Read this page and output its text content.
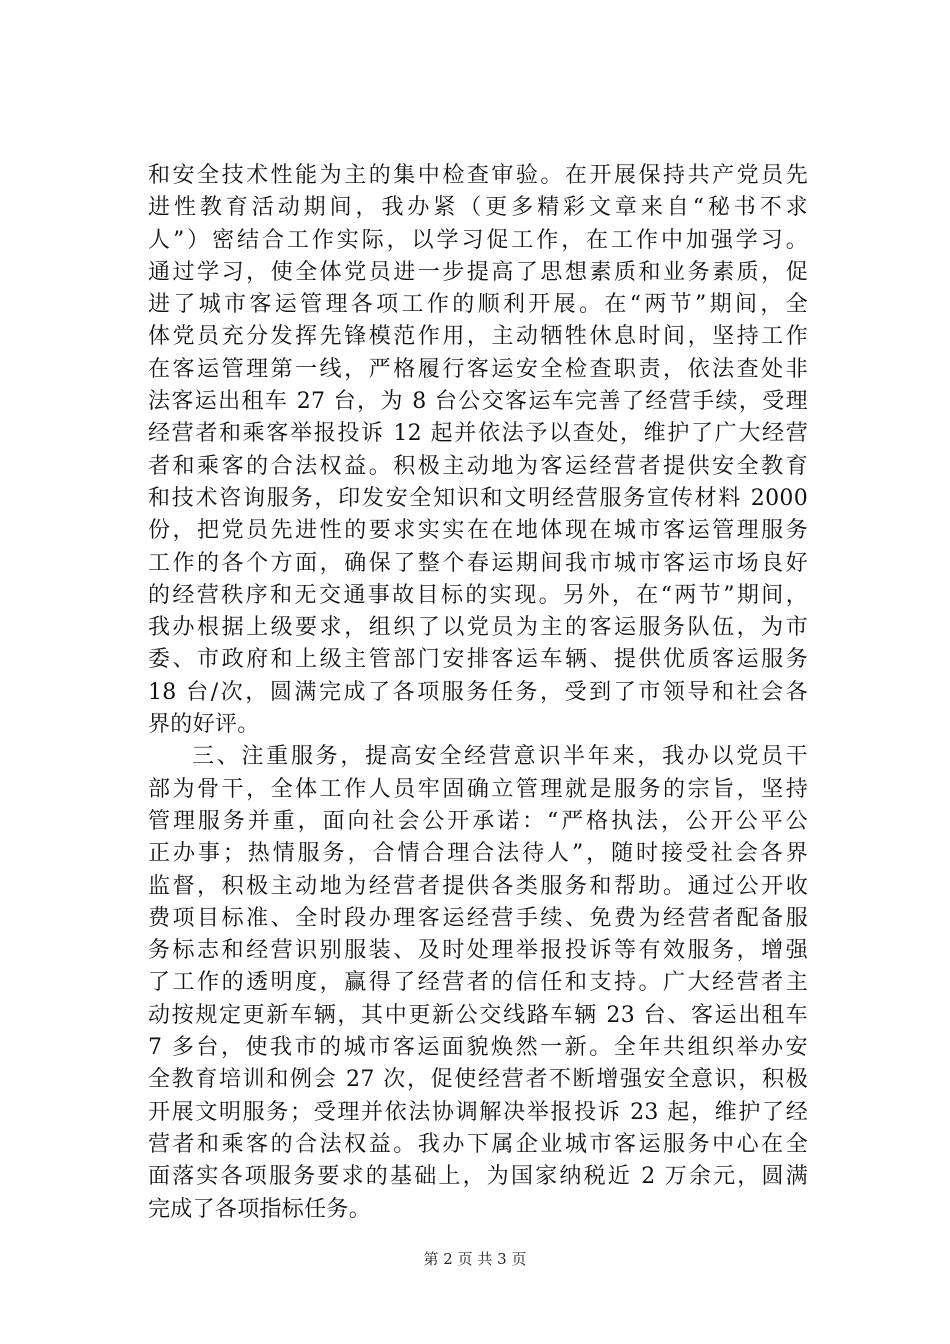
和安全技术性能为主的集中检查审验。在开展保持共产党员先
进性教育活动期间，我办紧（更多精彩文章来自“秘书不求
人”）密结合工作实际，以学习促工作，在工作中加强学习。
通过学习，使全体党员进一步提高了思想素质和业务素质，促
进了城市客运管理各项工作的顺利开展。在“两节”期间，全
体党员充分发挥先锋模范作用，主动牺牲休息时间，坚持工作
在客运管理第一线，严格履行客运安全检查职责，依法查处非
法客运出租车 27 台，为 8 台公交客运车完善了经营手续，受理
经营者和乘客举报投诉 12 起并依法予以查处，维护了广大经营
者和乘客的合法权益。积极主动地为客运经营者提供安全教育
和技术咨询服务，印发安全知识和文明经营服务宣传材料 2000
份，把党员先进性的要求实实在在地体现在城市客运管理服务
工作的各个方面，确保了整个春运期间我市城市客运市场良好
的经营秩序和无交通事故目标的实现。另外，在“两节”期间，
我办根据上级要求，组织了以党员为主的客运服务队伍，为市
委、市政府和上级主管部门安排客运车辆、提供优质客运服务
18 台/次，圆满完成了各项服务任务，受到了市领导和社会各
界的好评。
三、注重服务，提高安全经营意识半年来，我办以党员干
部为骨干，全体工作人员牢固确立管理就是服务的宗旨，坚持
管理服务并重，面向社会公开承诺：“严格执法，公开公平公
正办事；热情服务，合情合理合法待人”，随时接受社会各界
监督，积极主动地为经营者提供各类服务和帮助。通过公开收
费项目标准、全时段办理客运经营手续、免费为经营者配备服
务标志和经营识别服装、及时处理举报投诉等有效服务，增强
了工作的透明度，赢得了经营者的信任和支持。广大经营者主
动按规定更新车辆，其中更新公交线路车辆 23 台、客运出租车
7 多台，使我市的城市客运面貌焕然一新。全年共组织举办安
全教育培训和例会 27 次，促使经营者不断增强安全意识，积极
开展文明服务；受理并依法协调解决举报投诉 23 起，维护了经
营者和乘客的合法权益。我办下属企业城市客运服务中心在全
面落实各项服务要求的基础上，为国家纳税近 2 万余元，圆满
完成了各项指标任务。
第 2 页 共 3 页
